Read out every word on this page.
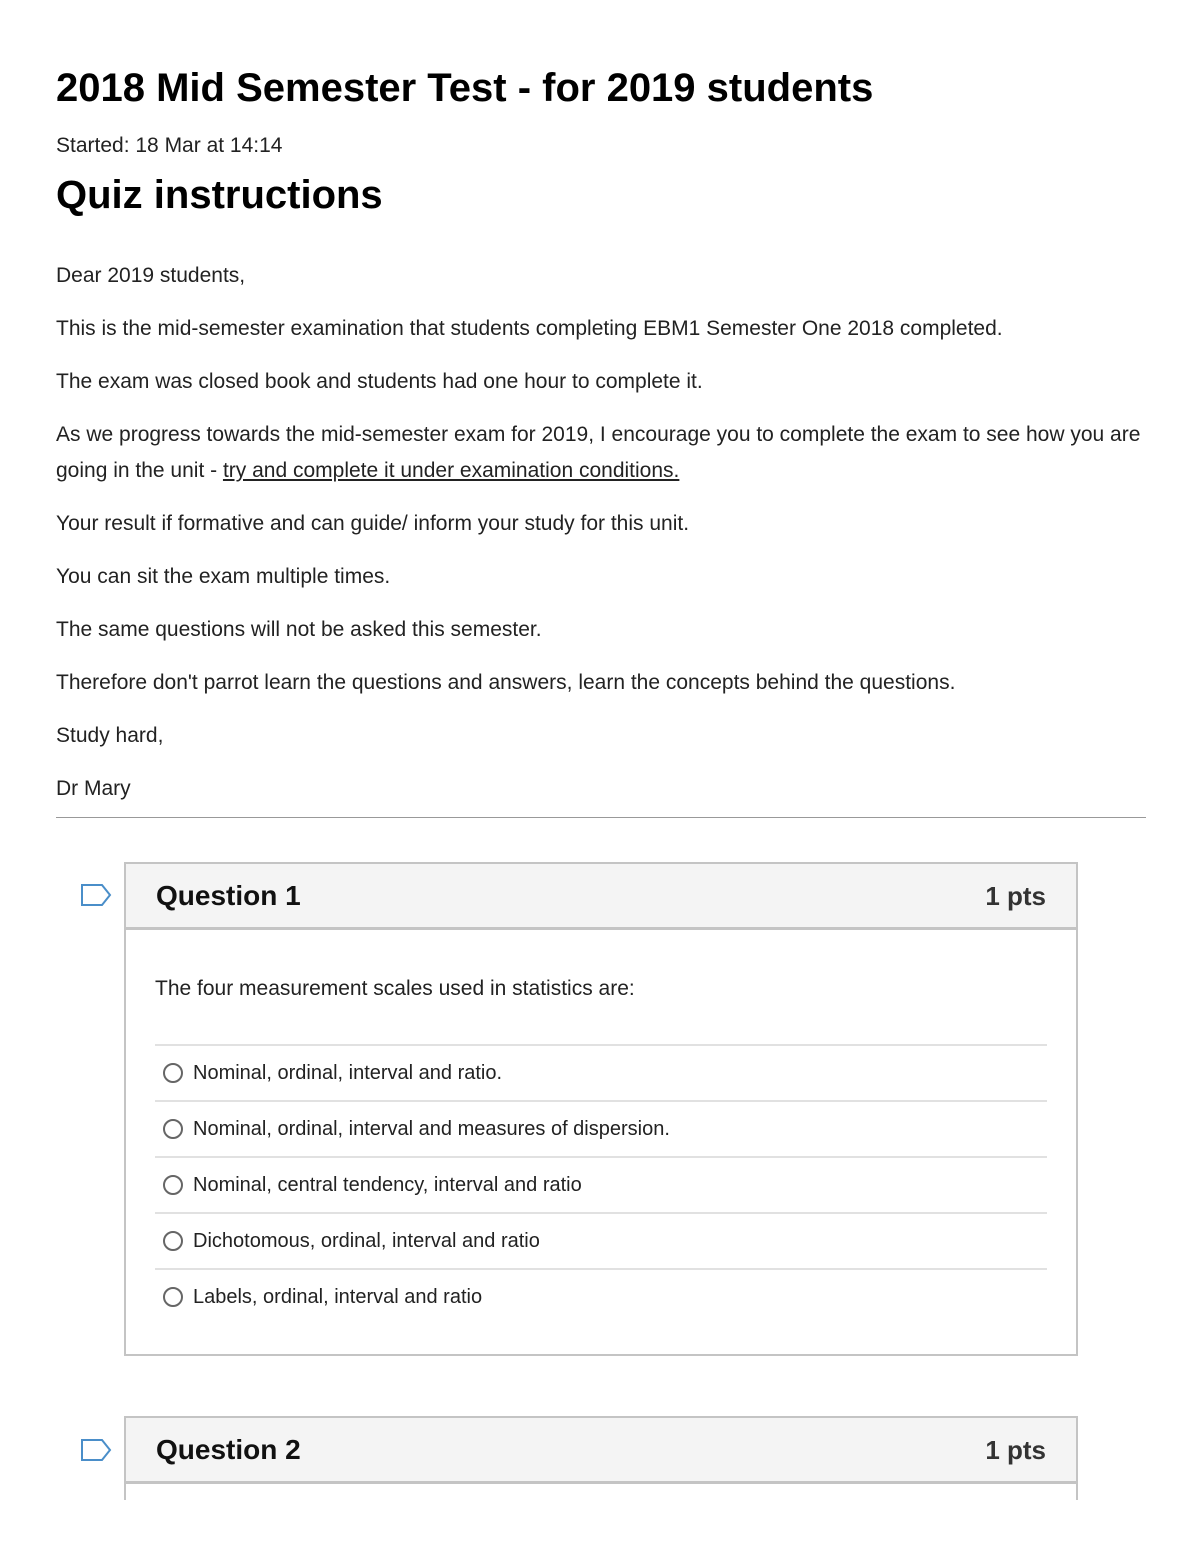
2018 Mid Semester Test - for 2019 students
Started: 18 Mar at 14:14
Quiz instructions

Dear 2019 students,

This is the mid-semester examination that students completing EBM1 Semester One 2018 completed.

The exam was closed book and students had one hour to complete it.

As we progress towards the mid-semester exam for 2019, I encourage you to complete the exam to see how you are going in the unit - try and complete it under examination conditions.

Your result if formative and can guide/ inform your study for this unit.

You can sit the exam multiple times.

The same questions will not be asked this semester.

Therefore don't parrot learn the questions and answers, learn the concepts behind the questions.

Study hard,

Dr Mary

Question 1	1 pts
The four measurement scales used in statistics are:
Nominal, ordinal, interval and ratio.
Nominal, ordinal, interval and measures of dispersion.
Nominal, central tendency, interval and ratio
Dichotomous, ordinal, interval and ratio
Labels, ordinal, interval and ratio
Question 2	1 pts
